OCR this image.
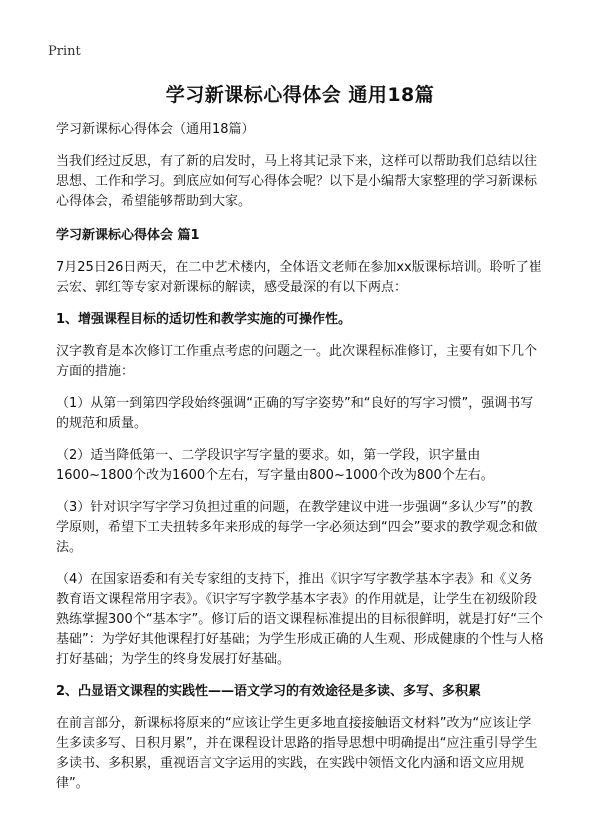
Print
学习新课标心得体会 通用18篇

学习新课标心得体会（通用18篇）

当我们经过反思，有了新的启发时，马上将其记录下来，这样可以帮助我们总结以往思想、工作和学习。到底应如何写心得体会呢？以下是小编帮大家整理的学习新课标心得体会，希望能够帮助到大家。

学习新课标心得体会 篇1

7月25日26日两天，在二中艺术楼内，全体语文老师在参加xx版课标培训。聆听了崔云宏、郭红等专家对新课标的解读，感受最深的有以下两点：

1、增强课程目标的适切性和教学实施的可操作性。

汉字教育是本次修订工作重点考虑的问题之一。此次课程标准修订，主要有如下几个方面的措施：

（1）从第一到第四学段始终强调“正确的写字姿势”和“良好的写字习惯”，强调书写的规范和质量。

（2）适当降低第一、二学段识字写字量的要求。如，第一学段，识字量由1600~1800个改为1600个左右，写字量由800~1000个改为800个左右。

（3）针对识字写字学习负担过重的问题，在教学建议中进一步强调“多认少写”的教学原则，希望下工夫扭转多年来形成的每学一字必须达到“四会”要求的教学观念和做法。

（4）在国家语委和有关专家组的支持下，推出《识字写字教学基本字表》和《义务教育语文课程常用字表》。《识字写字教学基本字表》的作用就是，让学生在初级阶段熟练掌握300个“基本字”。修订后的语文课程标准提出的目标很鲜明，就是打好“三个基础”：为学好其他课程打好基础；为学生形成正确的人生观、形成健康的个性与人格打好基础；为学生的终身发展打好基础。

2、凸显语文课程的实践性——语文学习的有效途径是多读、多写、多积累

在前言部分，新课标将原来的“应该让学生更多地直接接触语文材料”改为“应该让学生多读多写、日积月累”，并在课程设计思路的指导思想中明确提出“应注重引导学生多读书、多积累，重视语言文字运用的实践，在实践中领悟文化内涵和语文应用规律”。
